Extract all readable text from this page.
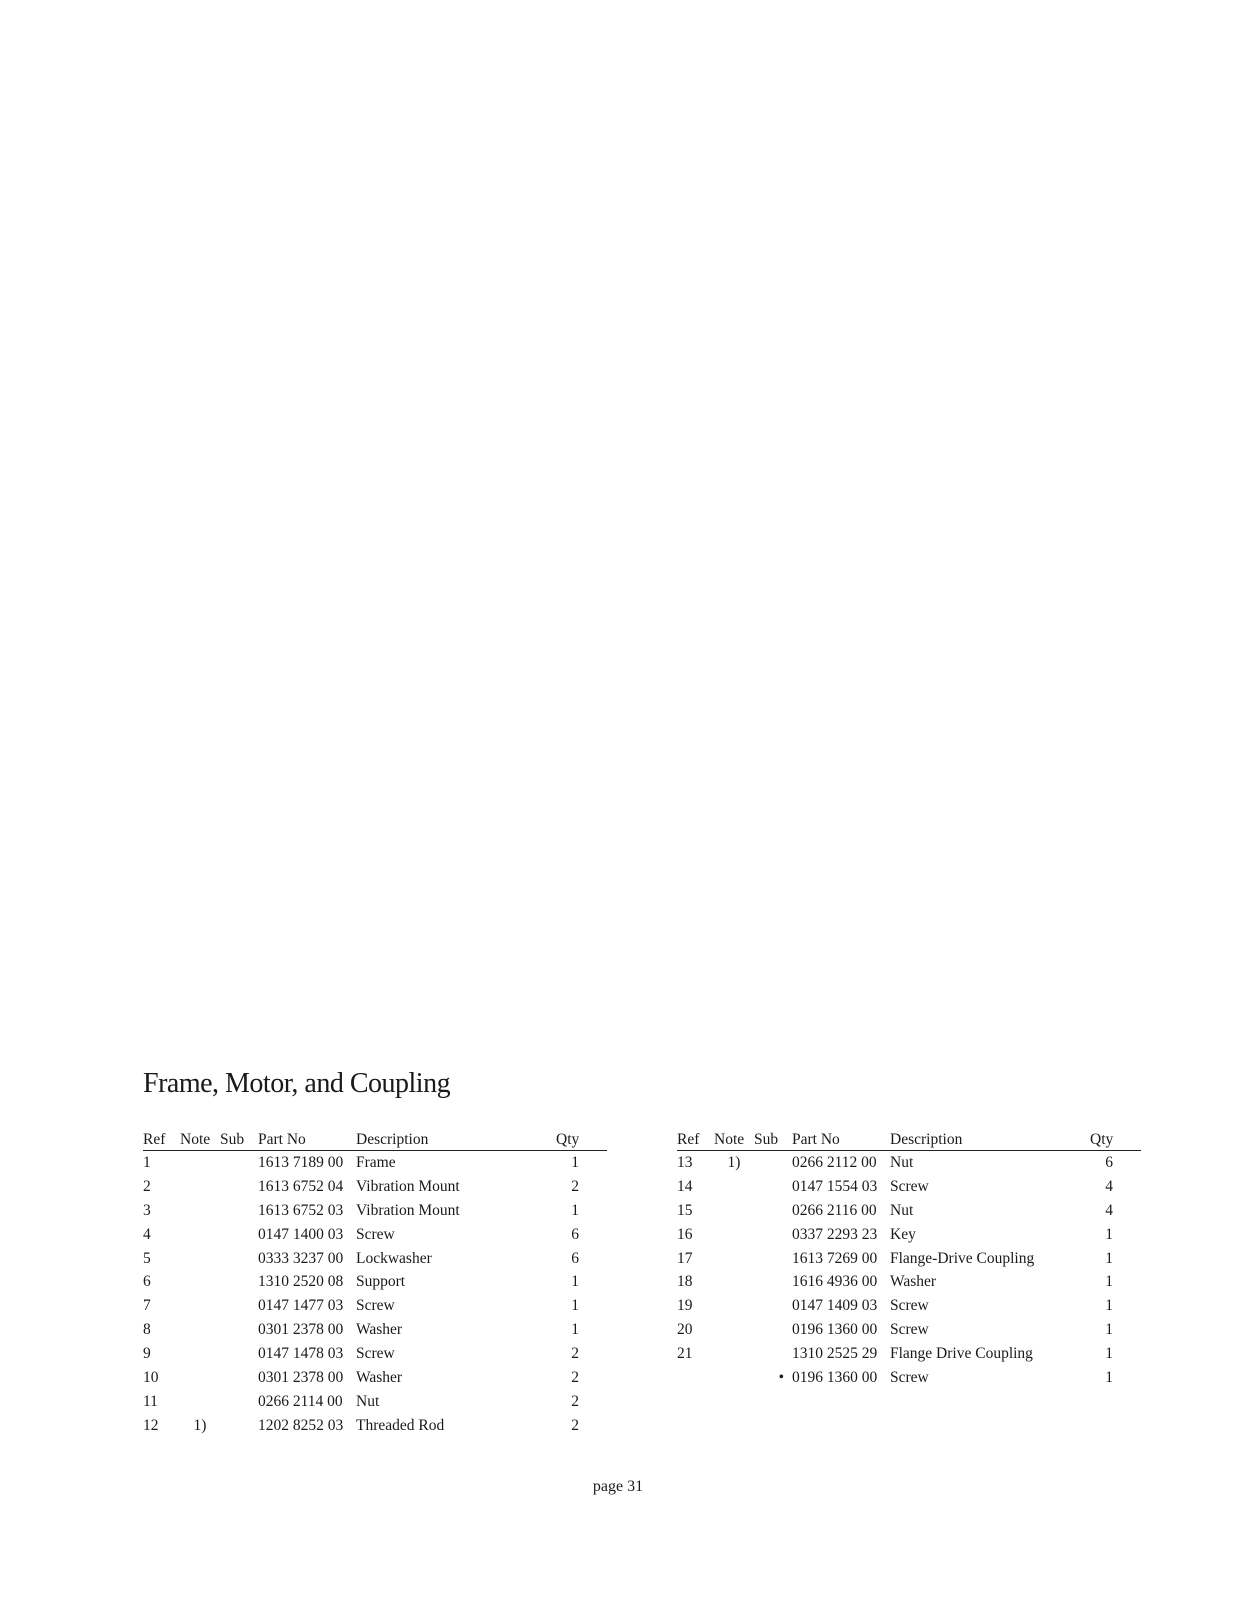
Frame, Motor, and Coupling
Ref	Note	Sub	Part No	Description	Qty
1			1613 7189 00	Frame	1
2			1613 6752 04	Vibration Mount	2
3			1613 6752 03	Vibration Mount	1
4			0147 1400 03	Screw	6
5			0333 3237 00	Lockwasher	6
6			1310 2520 08	Support	1
7			0147 1477 03	Screw	1
8			0301 2378 00	Washer	1
9			0147 1478 03	Screw	2
10			0301 2378 00	Washer	2
11			0266 2114 00	Nut	2
12	1)		1202 8252 03	Threaded Rod	2
Ref	Note	Sub	Part No	Description	Qty
13	1)		0266 2112 00	Nut	6
14			0147 1554 03	Screw	4
15			0266 2116 00	Nut	4
16			0337 2293 23	Key	1
17			1613 7269 00	Flange-Drive Coupling	1
18			1616 4936 00	Washer	1
19			0147 1409 03	Screw	1
20			0196 1360 00	Screw	1
21			1310 2525 29	Flange Drive Coupling	1
		•	0196 1360 00	Screw	1
page 31
